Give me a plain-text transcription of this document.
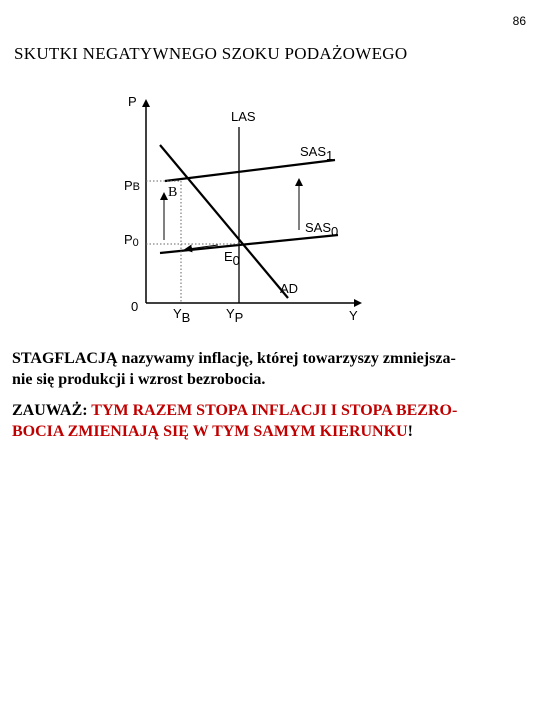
86
SKUTKI NEGATYWNEGO SZOKU PODAŻOWEGO
P
Y
0
LAS
SAS1
SAS0
AD
B
E0
PB
P0
YB	YP

STAGFLACJĄ nazywamy inflację, której towarzyszy zmniejsza-
nie się produkcji i wzrost bezrobocia.

ZAUWAŻ: TYM RAZEM STOPA INFLACJI I STOPA BEZRO-
BOCIA ZMIENIAJĄ SIĘ W TYM SAMYM KIERUNKU!
